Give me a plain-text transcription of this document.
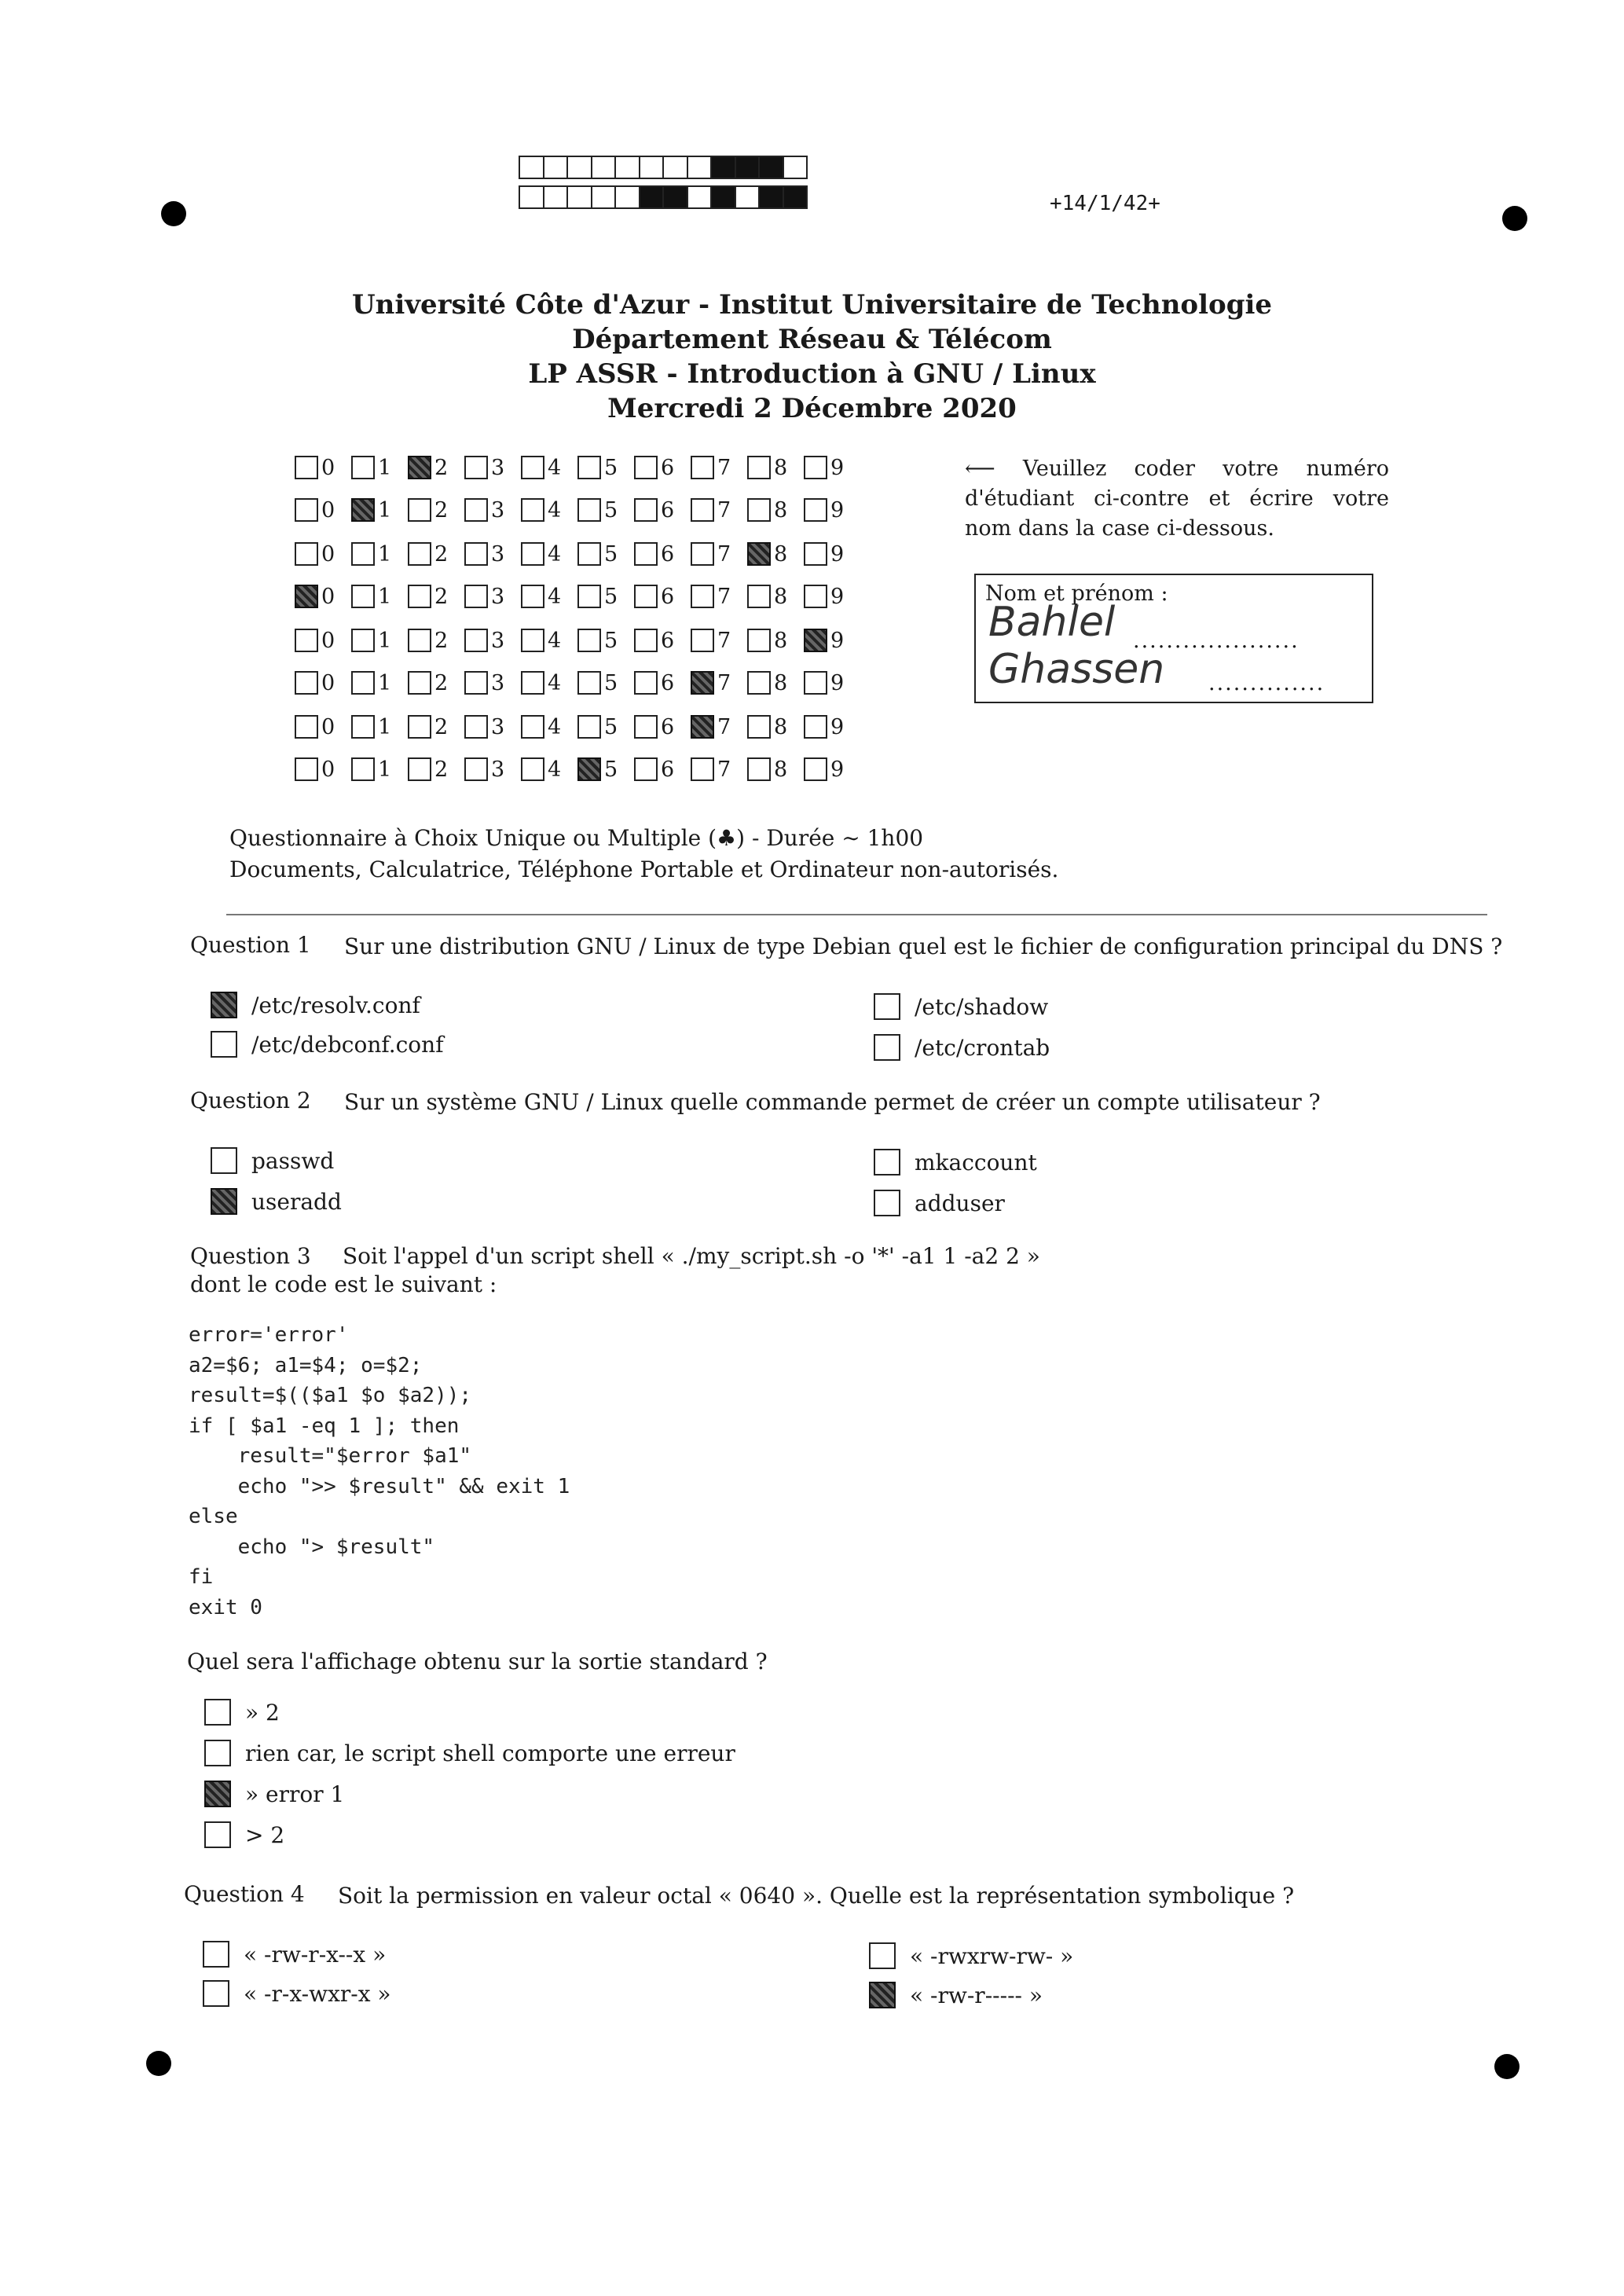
+14/1/42+
Université Côte d'Azur - Institut Universitaire de Technologie
Département Réseau & Télécom
LP ASSR - Introduction à GNU / Linux
Mercredi 2 Décembre 2020
0 1 2 3 4 5 6 7 8 9
0 1 2 3 4 5 6 7 8 9
0 1 2 3 4 5 6 7 8 9
0 1 2 3 4 5 6 7 8 9
0 1 2 3 4 5 6 7 8 9
0 1 2 3 4 5 6 7 8 9
0 1 2 3 4 5 6 7 8 9
0 1 2 3 4 5 6 7 8 9
⟵ Veuillez coder votre numéro d'étudiant ci-contre et écrire votre nom dans la case ci-dessous.
Nom et prénom :
Bahlel ....................
Ghassen ..............
Questionnaire à Choix Unique ou Multiple (♣) - Durée ∼ 1h00
Documents, Calculatrice, Téléphone Portable et Ordinateur non-autorisés.
Question 1 Sur une distribution GNU / Linux de type Debian quel est le fichier de configuration principal du DNS ?
/etc/resolv.conf
/etc/debconf.conf
/etc/shadow
/etc/crontab
Question 2 Sur un système GNU / Linux quelle commande permet de créer un compte utilisateur ?
passwd
useradd
mkaccount
adduser
Question 3 Soit l'appel d'un script shell « ./my_script.sh -o '*' -a1 1 -a2 2 »
dont le code est le suivant :
error='error'
a2=$6; a1=$4; o=$2;
result=$(($a1 $o $a2));
if [ $a1 -eq 1 ]; then
result="$error $a1"
echo ">> $result" && exit 1
else
echo "> $result"
fi
exit 0
Quel sera l'affichage obtenu sur la sortie standard ?
» 2
rien car, le script shell comporte une erreur
» error 1
> 2
Question 4 Soit la permission en valeur octal « 0640 ». Quelle est la représentation symbolique ?
« -rw-r-x--x »
« -r-x-wxr-x »
« -rwxrw-rw- »
« -rw-r----- »
